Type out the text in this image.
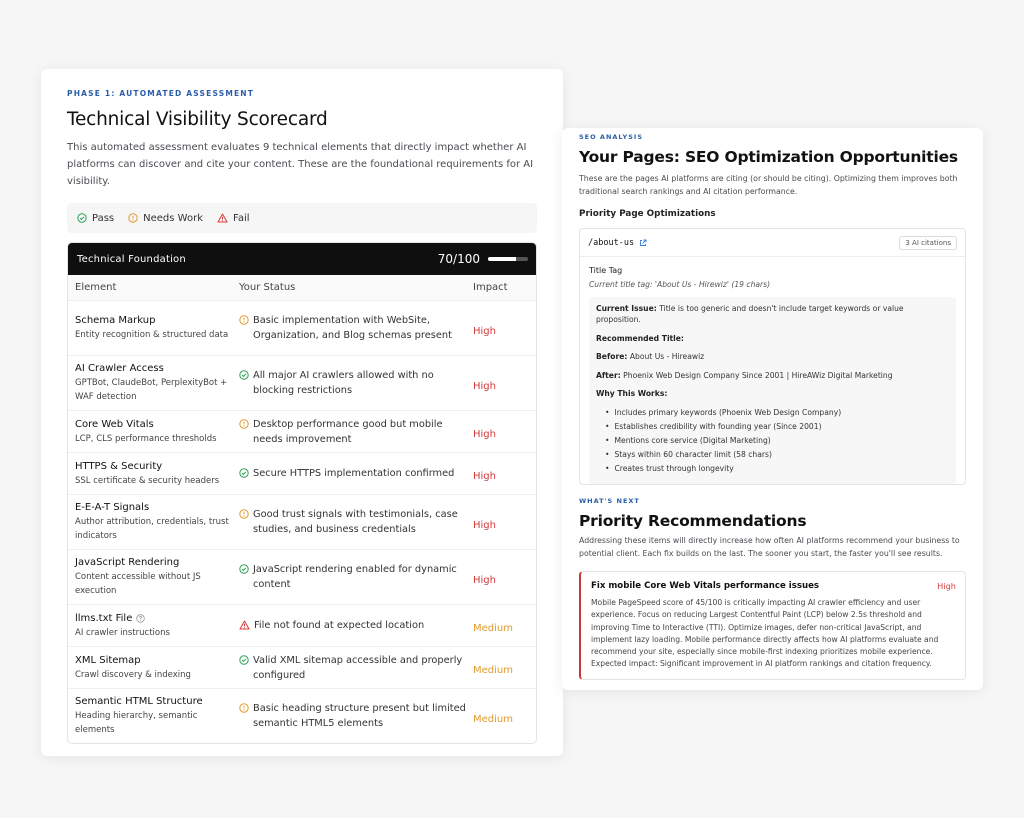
PHASE 1: AUTOMATED ASSESSMENT
Technical Visibility Scorecard

This automated assessment evaluates 9 technical elements that directly impact whether AI platforms can discover and cite your content. These are the foundational requirements for AI visibility.

Pass	Needs Work	Fail
Technical Foundation	70/100
Element	Your Status	Impact
Schema Markup
Entity recognition & structured data
Basic implementation with WebSite, Organization, and Blog schemas present	High
AI Crawler Access
GPTBot, ClaudeBot, PerplexityBot + WAF detection
All major AI crawlers allowed with no blocking restrictions	High
Core Web Vitals
LCP, CLS performance thresholds
Desktop performance good but mobile needs improvement	High
HTTPS & Security
SSL certificate & security headers
Secure HTTPS implementation confirmed	High
E-E-A-T Signals
Author attribution, credentials, trust indicators
Good trust signals with testimonials, case studies, and business credentials	High
JavaScript Rendering
Content accessible without JS execution
JavaScript rendering enabled for dynamic content	High
llms.txt File
AI crawler instructions
File not found at expected location	Medium
XML Sitemap
Crawl discovery & indexing
Valid XML sitemap accessible and properly configured	Medium
Semantic HTML Structure
Heading hierarchy, semantic elements
Basic heading structure present but limited semantic HTML5 elements	Medium
SEO ANALYSIS
Your Pages: SEO Optimization Opportunities

These are the pages AI platforms are citing (or should be citing). Optimizing them improves both traditional search rankings and AI citation performance.

Priority Page Optimizations
/about-us	3 AI citations
Title Tag
Current title tag: 'About Us - Hirewiz' (19 chars)

Current Issue: Title is too generic and doesn't include target keywords or value proposition.

Recommended Title:

Before: About Us - Hireawiz

After: Phoenix Web Design Company Since 2001 | HireAWiz Digital Marketing

Why This Works:

• Includes primary keywords (Phoenix Web Design Company)
• Establishes credibility with founding year (Since 2001)
• Mentions core service (Digital Marketing)
• Stays within 60 character limit (58 chars)
• Creates trust through longevity
WHAT'S NEXT
Priority Recommendations

Addressing these items will directly increase how often AI platforms recommend your business to potential client. Each fix builds on the last. The sooner you start, the faster you'll see results.

Fix mobile Core Web Vitals performance issues	High

Mobile PageSpeed score of 45/100 is critically impacting AI crawler efficiency and user experience. Focus on reducing Largest Contentful Paint (LCP) below 2.5s threshold and improving Time to Interactive (TTI). Optimize images, defer non-critical JavaScript, and implement lazy loading. Mobile performance directly affects how AI platforms evaluate and recommend your site, especially since mobile-first indexing prioritizes mobile experience. Expected impact: Significant improvement in AI platform rankings and citation frequency.
